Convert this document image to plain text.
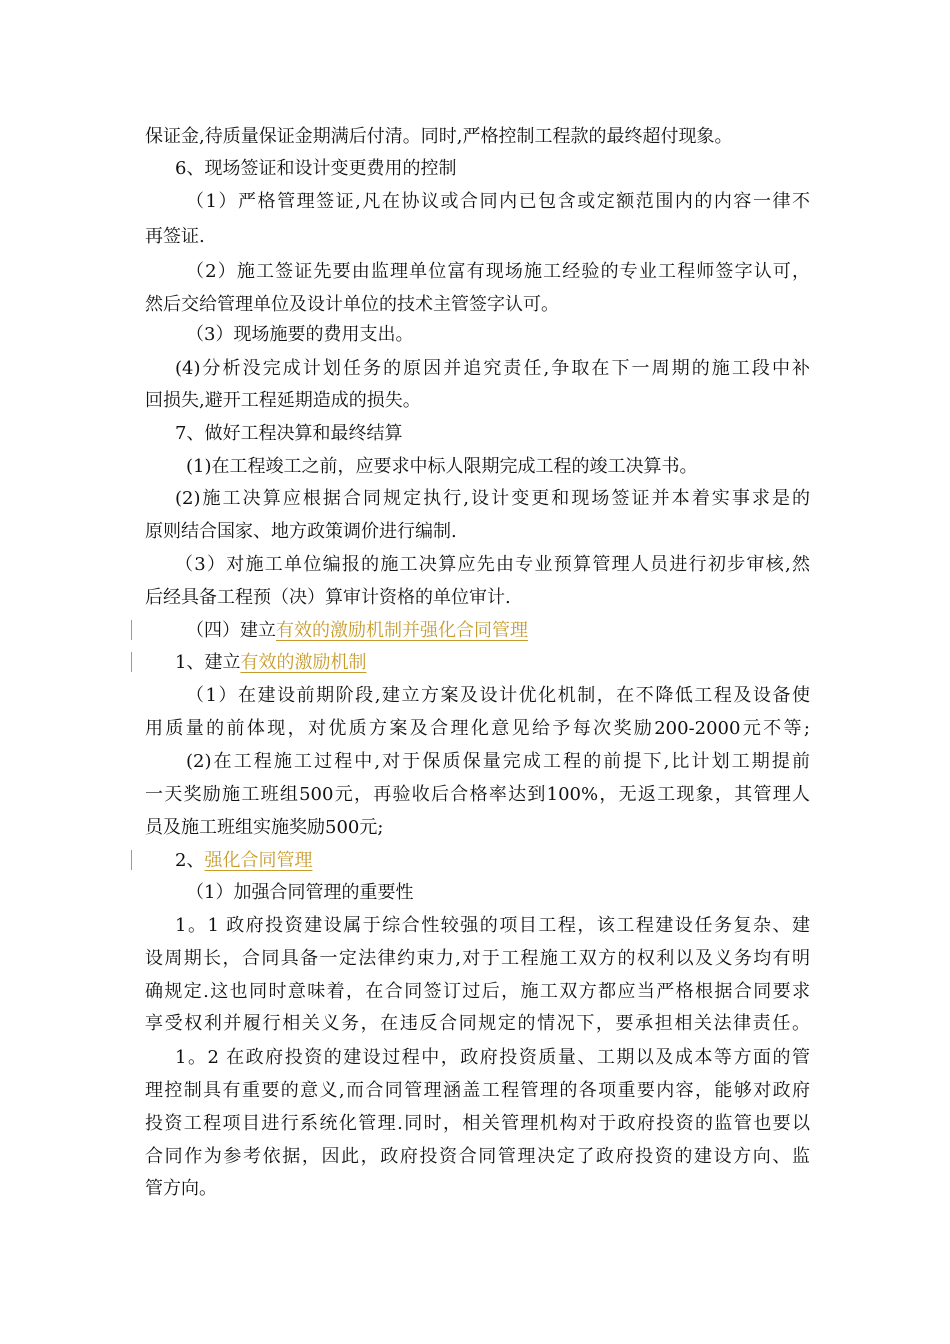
保证金,待质量保证金期满后付清。同时,严格控制工程款的最终超付现象。
6、现场签证和设计变更费用的控制
（1）严格管理签证,凡在协议或合同内已包含或定额范围内的内容一律不
再签证.
（2）施工签证先要由监理单位富有现场施工经验的专业工程师签字认可，
然后交给管理单位及设计单位的技术主管签字认可。
（3）现场施要的费用支出。
(4)分析没完成计划任务的原因并追究责任,争取在下一周期的施工段中补
回损失,避开工程延期造成的损失。
7、做好工程决算和最终结算
(1)在工程竣工之前，应要求中标人限期完成工程的竣工决算书。
(2)施工决算应根据合同规定执行,设计变更和现场签证并本着实事求是的
原则结合国家、地方政策调价进行编制.
（3）对施工单位编报的施工决算应先由专业预算管理人员进行初步审核,然
后经具备工程预（决）算审计资格的单位审计.
（四）建立有效的激励机制并强化合同管理
1、建立有效的激励机制
（1）在建设前期阶段,建立方案及设计优化机制，在不降低工程及设备使
用质量的前体现，对优质方案及合理化意见给予每次奖励200-2000元不等;
(2)在工程施工过程中,对于保质保量完成工程的前提下,比计划工期提前
一天奖励施工班组500元，再验收后合格率达到100%，无返工现象，其管理人
员及施工班组实施奖励500元;
2、强化合同管理
（1）加强合同管理的重要性
1。1 政府投资建设属于综合性较强的项目工程，该工程建设任务复杂、建
设周期长，合同具备一定法律约束力,对于工程施工双方的权利以及义务均有明
确规定.这也同时意味着，在合同签订过后，施工双方都应当严格根据合同要求
享受权利并履行相关义务，在违反合同规定的情况下，要承担相关法律责任。
1。2 在政府投资的建设过程中，政府投资质量、工期以及成本等方面的管
理控制具有重要的意义,而合同管理涵盖工程管理的各项重要内容，能够对政府
投资工程项目进行系统化管理.同时，相关管理机构对于政府投资的监管也要以
合同作为参考依据，因此，政府投资合同管理决定了政府投资的建设方向、监
管方向。
